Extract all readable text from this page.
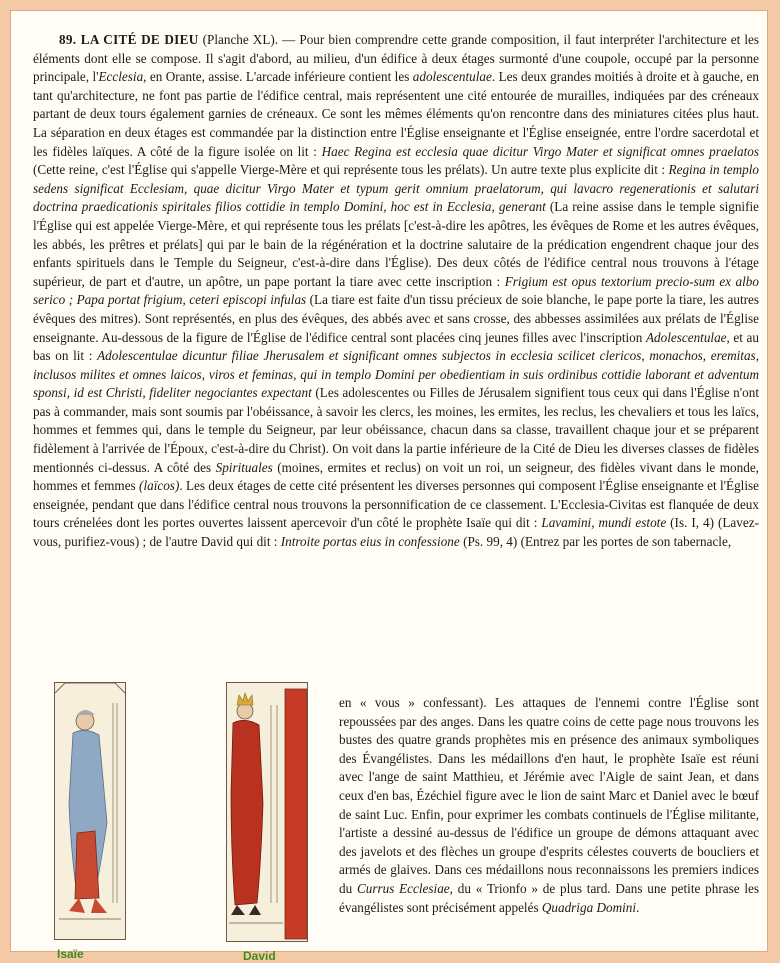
89. LA CITÉ DE DIEU (Planche XL). — Pour bien comprendre cette grande composition, il faut interpréter l'architecture et les éléments dont elle se compose. Il s'agit d'abord, au milieu, d'un édifice à deux étages surmonté d'une coupole, occupé par la personne principale, l'Ecclesia, en Orante, assise. L'arcade inférieure contient les adolescentulae. Les deux grandes moitiés à droite et à gauche, en tant qu'architecture, ne font pas partie de l'édifice central, mais représentent une cité entourée de murailles, indiquées par des créneaux partant de deux tours également garnies de créneaux. Ce sont les mêmes éléments qu'on rencontre dans des miniatures citées plus haut. La séparation en deux étages est commandée par la distinction entre l'Église enseignante et l'Église enseignée, entre l'ordre sacerdotal et les fidèles laïques. A côté de la figure isolée on lit : Haec Regina est ecclesia quae dicitur Virgo Mater et significat omnes praelatos (Cette reine, c'est l'Église qui s'appelle Vierge-Mère et qui représente tous les prélats). Un autre texte plus explicite dit : Regina in templo sedens significat Ecclesiam, quae dicitur Virgo Mater et typum gerit omnium praelatorum, qui lavacro regenerationis et salutari doctrina praedicationis spiritales filios cottidie in templo Domini, hoc est in Ecclesia, generant (La reine assise dans le temple signifie l'Église qui est appelée Vierge-Mère, et qui représente tous les prélats [c'est-à-dire les apôtres, les évêques de Rome et les autres évêques, les abbés, les prêtres et prélats] qui par le bain de la régénération et la doctrine salutaire de la prédication engendrent chaque jour des enfants spirituels dans le Temple du Seigneur, c'est-à-dire dans l'Église). Des deux côtés de l'édifice central nous trouvons à l'étage supérieur, de part et d'autre, un apôtre, un pape portant la tiare avec cette inscription : Frigium est opus textorium precio-sum ex albo serico ; Papa portat frigium, ceteri episcopi infulas (La tiare est faite d'un tissu précieux de soie blanche, le pape porte la tiare, les autres évêques des mitres). Sont représentés, en plus des évêques, des abbés avec et sans crosse, des abbesses assimilées aux prélats de l'Église enseignante. Au-dessous de la figure de l'Église de l'édifice central sont placées cinq jeunes filles avec l'inscription Adolescentulae, et au bas on lit : Adolescentulae dicuntur filiae Jherusalem et significant omnes subjectos in ecclesia scilicet clericos, monachos, eremitas, inclusos milites et omnes laicos, viros et feminas, qui in templo Domini per obedientiam in suis ordinibus cottidie laborant et adventum sponsi, id est Christi, fideliter negociantes expectant (Les adolescentes ou Filles de Jérusalem signifient tous ceux qui dans l'Église n'ont pas à commander, mais sont soumis par l'obéissance, à savoir les clercs, les moines, les ermites, les reclus, les chevaliers et tous les laïcs, hommes et femmes qui, dans le temple du Seigneur, par leur obéissance, chacun dans sa classe, travaillent chaque jour et se préparent fidèlement à l'arrivée de l'Époux, c'est-à-dire du Christ). On voit dans la partie inférieure de la Cité de Dieu les diverses classes de fidèles mentionnés ci-dessus. A côté des Spirituales (moines, ermites et reclus) on voit un roi, un seigneur, des fidèles vivant dans le monde, hommes et femmes (laïcos). Les deux étages de cette cité présentent les diverses personnes qui composent l'Église enseignante et l'Église enseignée, pendant que dans l'édifice central nous trouvons la personnification de ce classement. L'Ecclesia-Civitas est flanquée de deux tours crénelées dont les portes ouvertes laissent apercevoir d'un côté le prophète Isaïe qui dit : Lavamini, mundi estote (Is. I, 4) (Lavez-vous, purifiez-vous) ; de l'autre David qui dit : Introite portas eius in confessione (Ps. 99, 4) (Entrez par les portes de son tabernacle,

Isaïe	David

en « vous » confessant). Les attaques de l'ennemi contre l'Église sont repoussées par des anges. Dans les quatre coins de cette page nous trouvons les bustes des quatre grands prophètes mis en présence des animaux symboliques des Évangélistes. Dans les médaillons d'en haut, le prophète Isaïe est réuni avec l'ange de saint Matthieu, et Jérémie avec l'Aigle de saint Jean, et dans ceux d'en bas, Ézéchiel figure avec le lion de saint Marc et Daniel avec le bœuf de saint Luc. Enfin, pour exprimer les combats continuels de l'Église militante, l'artiste a dessiné au-dessus de l'édifice un groupe de démons attaquant avec des javelots et des flèches un groupe d'esprits célestes couverts de boucliers et armés de glaives. Dans ces médaillons nous reconnaissons les premiers indices du Currus Ecclesiae, du « Trionfo » de plus tard. Dans une petite phrase les évangélistes sont précisément appelés Quadriga Domini.
